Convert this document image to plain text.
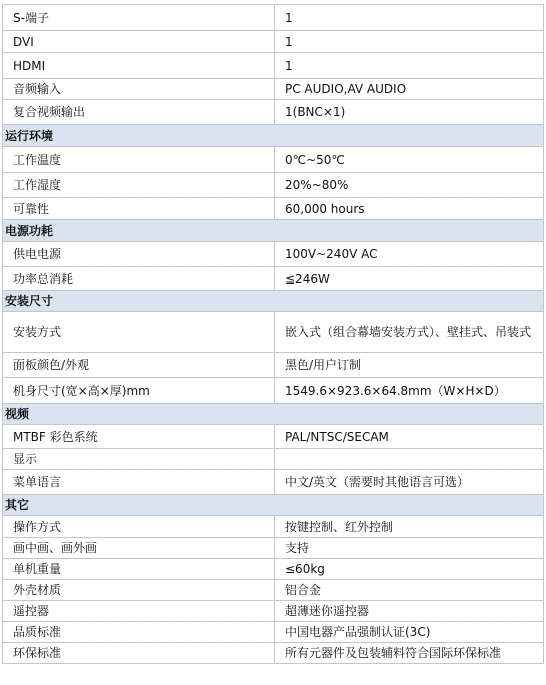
S-端子	1
DVI	1
HDMI	1
音频输入	PC AUDIO,AV AUDIO
复合视频输出	1(BNC×1)
运行环境	
工作温度	0℃~50℃
工作湿度	20%~80%
可靠性	60,000 hours
电源功耗	
供电电源	100V~240V AC
功率总消耗	≦246W
安装尺寸	
安装方式	嵌入式（组合幕墙安装方式）、壁挂式、吊装式
面板颜色/外观	黑色/用户订制
机身尺寸(宽×高×厚)mm	1549.6×923.6×64.8mm（W×H×D）
视频	
MTBF 彩色系统	PAL/NTSC/SECAM
显示	
菜单语言	中文/英文（需要时其他语言可选）
其它	
操作方式	按键控制、红外控制
画中画、画外画	支持
单机重量	≤60kg
外壳材质	铝合金
遥控器	超薄迷你遥控器
品质标准	中国电器产品强制认证(3C)
环保标准	所有元器件及包装辅料符合国际环保标准
